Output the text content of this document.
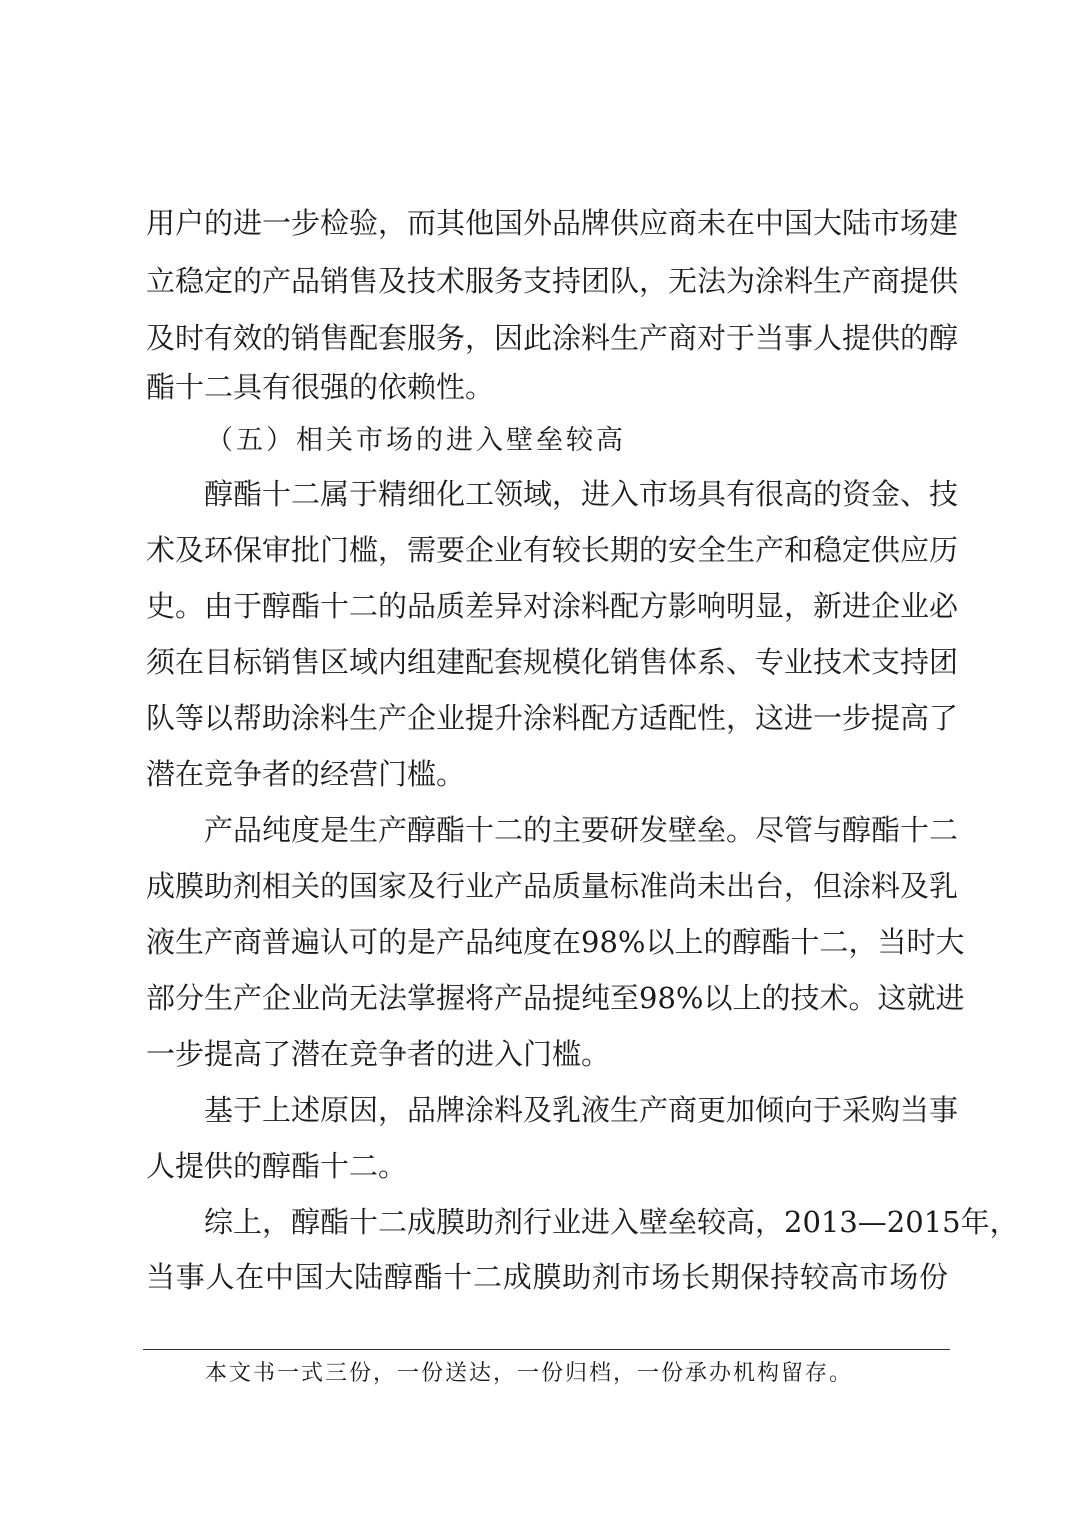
用户的进一步检验，而其他国外品牌供应商未在中国大陆市场建
立稳定的产品销售及技术服务支持团队，无法为涂料生产商提供
及时有效的销售配套服务，因此涂料生产商对于当事人提供的醇
酯十二具有很强的依赖性。
（五）相关市场的进入壁垒较高
醇酯十二属于精细化工领域，进入市场具有很高的资金、技
术及环保审批门槛，需要企业有较长期的安全生产和稳定供应历
史。由于醇酯十二的品质差异对涂料配方影响明显，新进企业必
须在目标销售区域内组建配套规模化销售体系、专业技术支持团
队等以帮助涂料生产企业提升涂料配方适配性，这进一步提高了
潜在竞争者的经营门槛。
产品纯度是生产醇酯十二的主要研发壁垒。尽管与醇酯十二
成膜助剂相关的国家及行业产品质量标准尚未出台，但涂料及乳
液生产商普遍认可的是产品纯度在98%以上的醇酯十二，当时大
部分生产企业尚无法掌握将产品提纯至98%以上的技术。这就进
一步提高了潜在竞争者的进入门槛。
基于上述原因，品牌涂料及乳液生产商更加倾向于采购当事
人提供的醇酯十二。
综上，醇酯十二成膜助剂行业进入壁垒较高，2013—2015年，
当事人在中国大陆醇酯十二成膜助剂市场长期保持较高市场份
本文书一式三份，一份送达，一份归档，一份承办机构留存。
